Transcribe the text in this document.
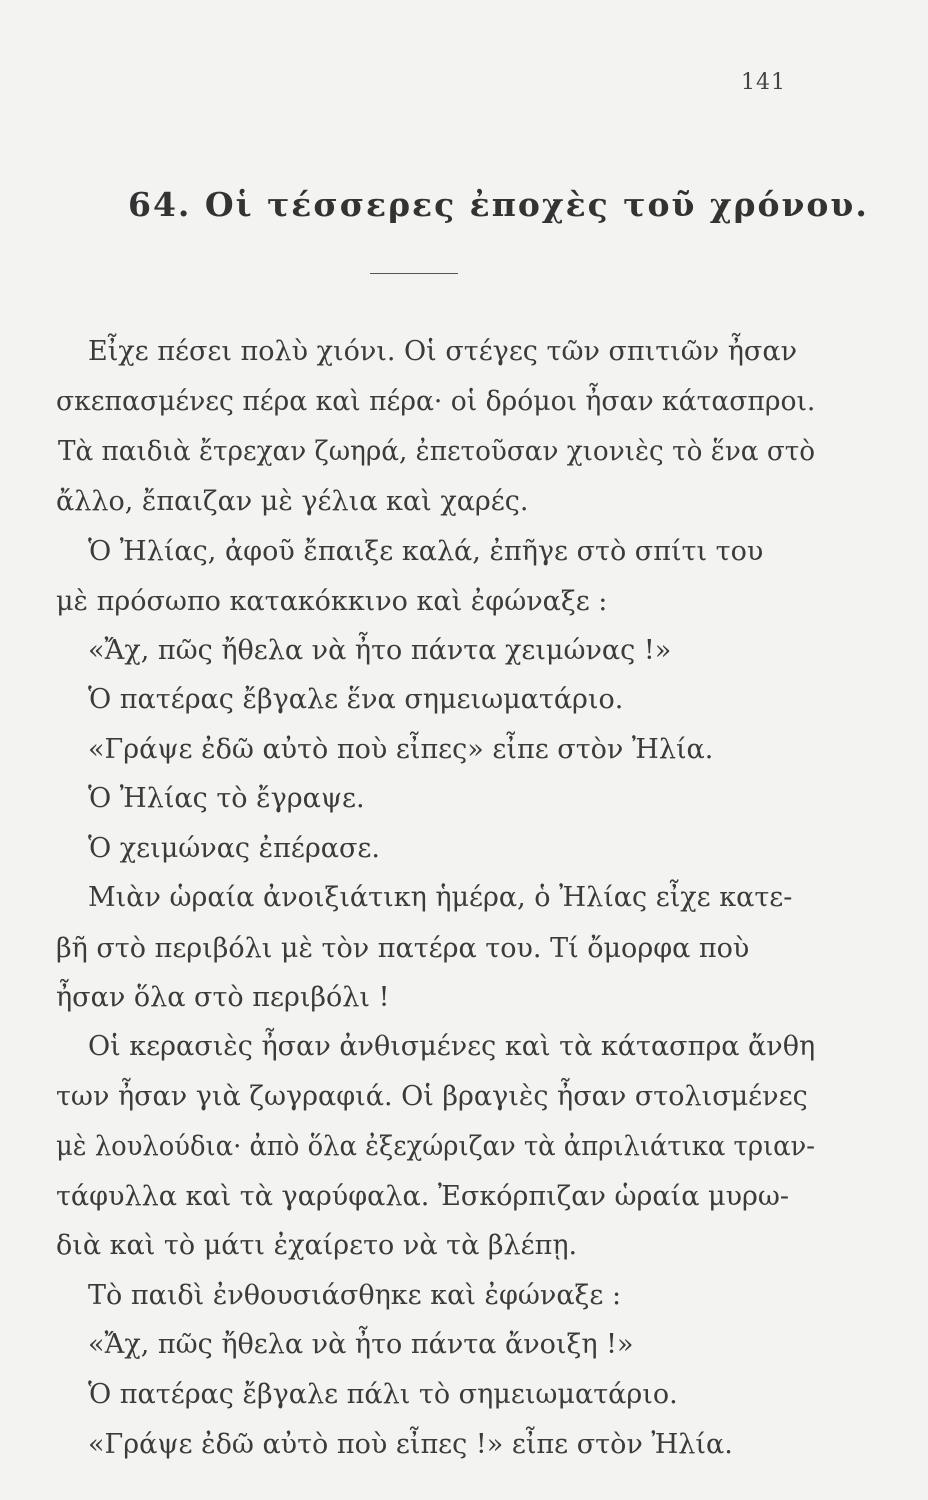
141
64. Οἱ τέσσερες ἐποχὲς τοῦ χρόνου.
Εἶχε πέσει πολὺ χιόνι. Οἱ στέγες τῶν σπιτιῶν ἦσαν
σκεπασμένες πέρα καὶ πέρα· οἱ δρόμοι ἦσαν κάτασπροι.
Τὰ παιδιὰ ἔτρεχαν ζωηρά, ἐπετοῦσαν χιονιὲς τὸ ἕνα στὸ
ἄλλο, ἔπαιζαν μὲ γέλια καὶ χαρές.
Ὁ Ἠλίας, ἀφοῦ ἔπαιξε καλά, ἐπῆγε στὸ σπίτι του
μὲ πρόσωπο κατακόκκινο καὶ ἐφώναξε :
«Ἄχ, πῶς ἤθελα νὰ ἦτο πάντα χειμώνας !»
Ὁ πατέρας ἔβγαλε ἕνα σημειωματάριο.
«Γράψε ἐδῶ αὐτὸ ποὺ εἶπες» εἶπε στὸν Ἠλία.
Ὁ Ἠλίας τὸ ἔγραψε.
Ὁ χειμώνας ἐπέρασε.
Μιὰν ὡραία ἀνοιξιάτικη ἡμέρα, ὁ Ἠλίας εἶχε κατε-
βῆ στὸ περιβόλι μὲ τὸν πατέρα του. Τί ὄμορφα ποὺ
ἦσαν ὅλα στὸ περιβόλι !
Οἱ κερασιὲς ἦσαν ἀνθισμένες καὶ τὰ κάτασπρα ἄνθη
των ἦσαν γιὰ ζωγραφιά. Οἱ βραγιὲς ἦσαν στολισμένες
μὲ λουλούδια· ἀπὸ ὅλα ἐξεχώριζαν τὰ ἀπριλιάτικα τριαν-
τάφυλλα καὶ τὰ γαρύφαλα. Ἐσκόρπιζαν ὡραία μυρω-
διὰ καὶ τὸ μάτι ἐχαίρετο νὰ τὰ βλέπῃ.
Τὸ παιδὶ ἐνθουσιάσθηκε καὶ ἐφώναξε :
«Ἄχ, πῶς ἤθελα νὰ ἦτο πάντα ἄνοιξη !»
Ὁ πατέρας ἔβγαλε πάλι τὸ σημειωματάριο.
«Γράψε ἐδῶ αὐτὸ ποὺ εἶπες !» εἶπε στὸν Ἠλία.
